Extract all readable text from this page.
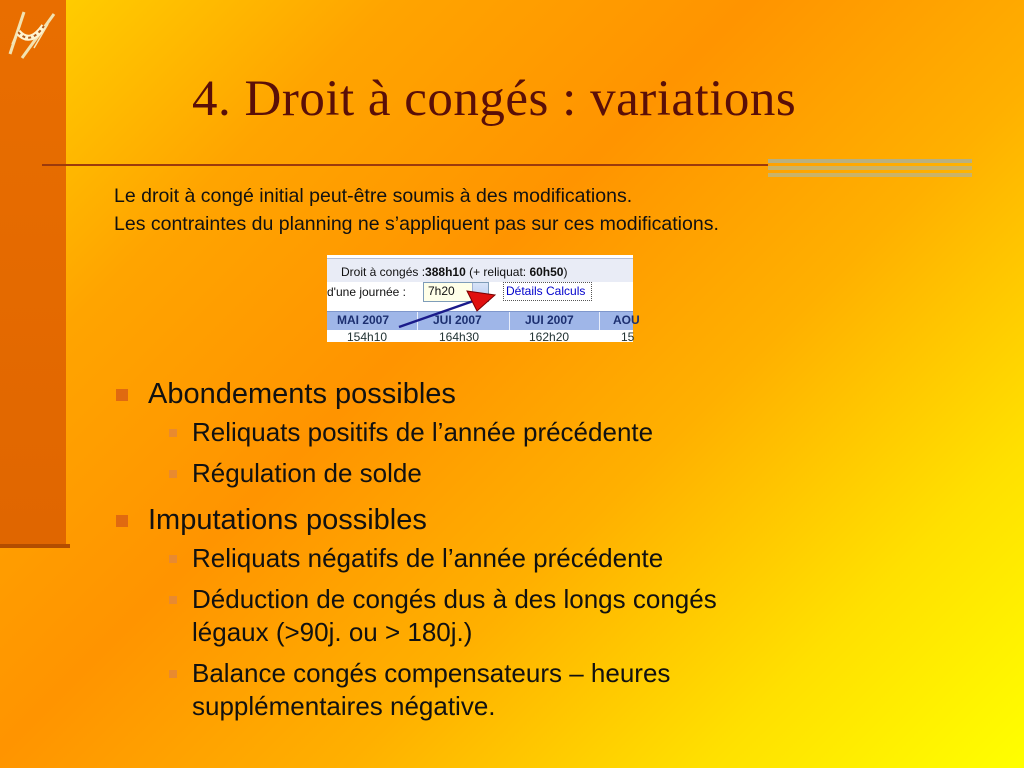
4. Droit à congés : variations
Le droit à congé initial peut-être soumis à des modifications.
Les contraintes du planning ne s’appliquent pas sur ces modifications.
Droit à congés :388h10 (+ reliquat: 60h50)
d'une journée : 7h20	Détails Calculs
MAI 2007	JUI 2007	JUI 2007	AOU
154h10	164h30	162h20	15
Abondements possibles
Reliquats positifs de l’année précédente
Régulation de solde
Imputations possibles
Reliquats négatifs de l’année précédente
Déduction de congés dus à des longs congés
légaux (>90j. ou > 180j.)
Balance congés compensateurs – heures
supplémentaires négative.
